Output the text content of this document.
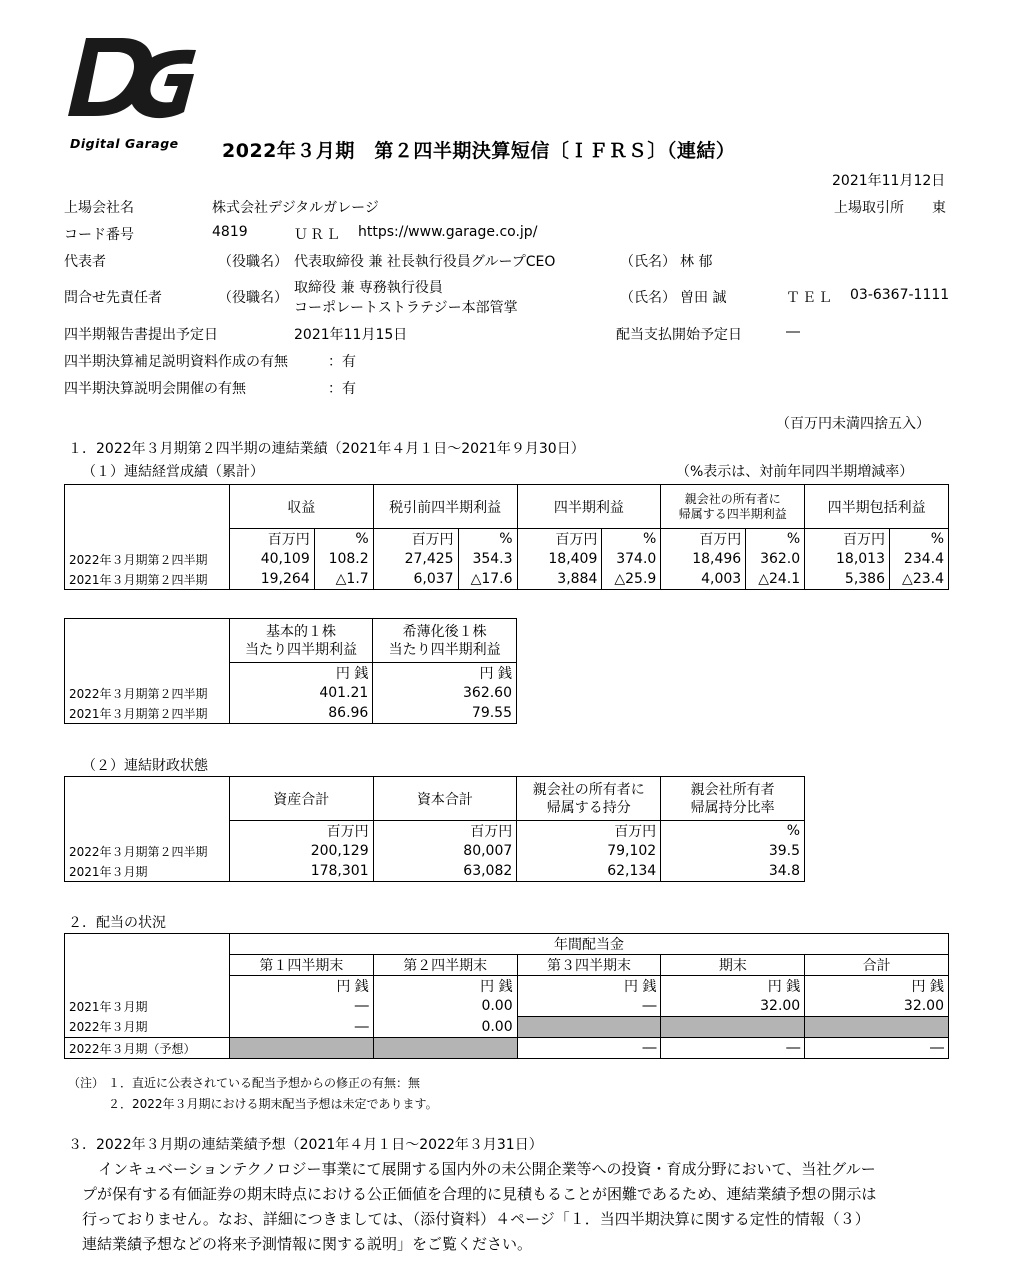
Digital Garage 2022年３月期　第２四半期決算短信〔ＩＦＲＳ〕（連結）
2021年11月12日
上場会社名	株式会社デジタルガレージ	上場取引所 東
コード番号	4819	ＵＲＬ https://www.garage.co.jp/
代表者	（役職名） 代表取締役 兼 社長執行役員グループCEO	（氏名） 林 郁
問合せ先責任者	（役職名）
取締役 兼 専務執行役員
コーポレートストラテジー本部管掌
（氏名） 曽田 誠	ＴＥＬ 03-6367-1111
四半期報告書提出予定日	2021年11月15日	配当支払開始予定日	―
四半期決算補足説明資料作成の有無	：有
四半期決算説明会開催の有無	：有
（百万円未満四捨五入）
１．2022年３月期第２四半期の連結業績（2021年４月１日～2021年９月30日）
（１）連結経営成績（累計）	（%表示は、対前年同四半期増減率）
	収益		税引前四半期利益		四半期利益		親会社の所有者に
帰属する四半期利益		四半期包括利益	
	百万円	%	百万円	%	百万円	%	百万円	%	百万円	%
2022年３月期第２四半期	40,109	108.2	27,425	354.3	18,409	374.0	18,496	362.0	18,013	234.4
2021年３月期第２四半期	19,264	△1.7	6,037	△17.6	3,884	△25.9	4,003	△24.1	5,386	△23.4
	基本的１株
当たり四半期利益	希薄化後１株
当たり四半期利益
	円 銭	円 銭
2022年３月期第２四半期	401.21	362.60
2021年３月期第２四半期	86.96	79.55
（２）連結財政状態
	資産合計	資本合計	親会社の所有者に
帰属する持分	親会社所有者
帰属持分比率
	百万円	百万円	百万円	%
2022年３月期第２四半期	200,129	80,007	79,102	39.5
2021年３月期	178,301	63,082	62,134	34.8
２．配当の状況
	年間配当金				
	第１四半期末	第２四半期末	第３四半期末	期末	合計
	円 銭	円 銭	円 銭	円 銭	円 銭
2021年３月期	―	0.00	―	32.00	32.00
2022年３月期	―	0.00			
2022年３月期（予想）			―	―	―
（注） １．直近に公表されている配当予想からの修正の有無：無
２．2022年３月期における期末配当予想は未定であります。
３．2022年３月期の連結業績予想（2021年４月１日～2022年３月31日）
インキュベーションテクノロジー事業にて展開する国内外の未公開企業等への投資・育成分野において、当社グルー
プが保有する有価証券の期末時点における公正価値を合理的に見積もることが困難であるため、連結業績予想の開示は
行っておりません。なお、詳細につきましては、（添付資料）４ページ「１．当四半期決算に関する定性的情報（３）
連結業績予想などの将来予測情報に関する説明」をご覧ください。
